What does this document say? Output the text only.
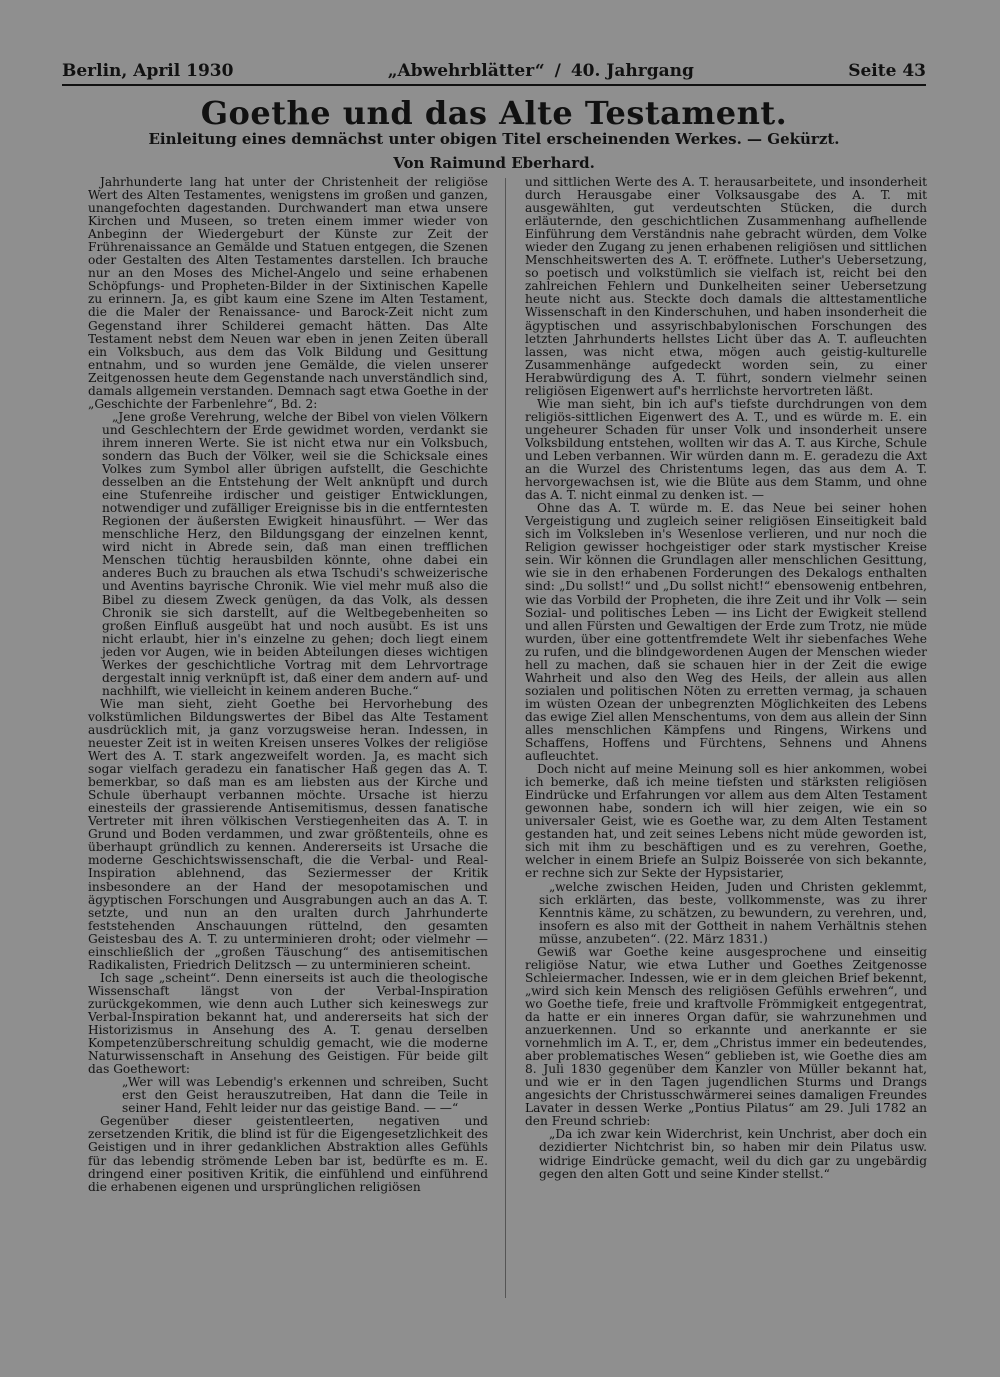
Berlin, April 1930	„Abwehrblätter“ / 40. Jahrgang	Seite 43
Goethe und das Alte Testament.
Einleitung eines demnächst unter obigen Titel erscheinenden Werkes. — Gekürzt.
Von Raimund Eberhard.

Jahrhunderte lang hat unter der Christenheit der religiöse Wert des Alten Testamentes, wenigstens im großen und ganzen, unangefochten dagestanden. Durchwandert man etwa unsere Kirchen und Museen, so treten einem immer wieder von Anbeginn der Wiedergeburt der Künste zur Zeit der Frührenaissance an Gemälde und Statuen entgegen, die Szenen oder Gestalten des Alten Testamentes darstellen. Ich brauche nur an den Moses des Michel-Angelo und seine erhabenen Schöpfungs- und Propheten-Bilder in der Sixtinischen Kapelle zu erinnern. Ja, es gibt kaum eine Szene im Alten Testament, die die Maler der Renaissance- und Barock-Zeit nicht zum Gegenstand ihrer Schilderei gemacht hätten. Das Alte Testament nebst dem Neuen war eben in jenen Zeiten überall ein Volksbuch, aus dem das Volk Bildung und Gesittung entnahm, und so wurden jene Gemälde, die vielen unserer Zeitgenossen heute dem Gegenstande nach unverständlich sind, damals allgemein verstanden. Demnach sagt etwa Goethe in der „Geschichte der Farbenlehre“, Bd. 2:

„Jene große Verehrung, welche der Bibel von vielen Völkern und Geschlechtern der Erde gewidmet worden, verdankt sie ihrem inneren Werte. Sie ist nicht etwa nur ein Volksbuch, sondern das Buch der Völker, weil sie die Schicksale eines Volkes zum Symbol aller übrigen aufstellt, die Geschichte desselben an die Entstehung der Welt anknüpft und durch eine Stufenreihe irdischer und geistiger Entwicklungen, notwendiger und zufälliger Ereignisse bis in die entferntesten Regionen der äußersten Ewigkeit hinausführt. — Wer das menschliche Herz, den Bildungsgang der einzelnen kennt, wird nicht in Abrede sein, daß man einen trefflichen Menschen tüchtig herausbilden könnte, ohne dabei ein anderes Buch zu brauchen als etwa Tschudi's schweizerische und Aventins bayrische Chronik. Wie viel mehr muß also die Bibel zu diesem Zweck genügen, da das Volk, als dessen Chronik sie sich darstellt, auf die Weltbegebenheiten so großen Einfluß ausgeübt hat und noch ausübt. Es ist uns nicht erlaubt, hier in's einzelne zu gehen; doch liegt einem jeden vor Augen, wie in beiden Abteilungen dieses wichtigen Werkes der geschichtliche Vortrag mit dem Lehrvortrage dergestalt innig verknüpft ist, daß einer dem andern auf- und nachhilft, wie vielleicht in keinem anderen Buche.“

Wie man sieht, zieht Goethe bei Hervorhebung des volkstümlichen Bildungswertes der Bibel das Alte Testament ausdrücklich mit, ja ganz vorzugsweise heran. Indessen, in neuester Zeit ist in weiten Kreisen unseres Volkes der religiöse Wert des A. T. stark angezweifelt worden. Ja, es macht sich sogar vielfach geradezu ein fanatischer Haß gegen das A. T. bemerkbar, so daß man es am liebsten aus der Kirche und Schule überhaupt verbannen möchte. Ursache ist hierzu einesteils der grassierende Antisemitismus, dessen fanatische Vertreter mit ihren völkischen Verstiegenheiten das A. T. in Grund und Boden verdammen, und zwar größtenteils, ohne es überhaupt gründlich zu kennen. Andererseits ist Ursache die moderne Geschichtswissenschaft, die die Verbal- und Real-Inspiration ablehnend, das Seziermesser der Kritik insbesondere an der Hand der mesopotamischen und ägyptischen Forschungen und Ausgrabungen auch an das A. T. setzte, und nun an den uralten durch Jahrhunderte feststehenden Anschauungen rüttelnd, den gesamten Geistesbau des A. T. zu unterminieren droht; oder vielmehr — einschließlich der „großen Täuschung“ des antisemitischen Radikalisten, Friedrich Delitzsch — zu unterminieren scheint.

Ich sage „scheint“. Denn einerseits ist auch die theologische Wissenschaft längst von der Verbal-Inspiration zurückgekommen, wie denn auch Luther sich keineswegs zur Verbal-Inspiration bekannt hat, und andererseits hat sich der Historizismus in Ansehung des A. T. genau derselben Kompetenzüberschreitung schuldig gemacht, wie die moderne Naturwissenschaft in Ansehung des Geistigen. Für beide gilt das Goethewort:

„Wer will was Lebendig's erkennen und schreiben, Sucht erst den Geist herauszutreiben, Hat dann die Teile in seiner Hand, Fehlt leider nur das geistige Band. — —“

Gegenüber dieser geistentleerten, negativen und zersetzenden Kritik, die blind ist für die Eigengesetzlichkeit des Geistigen und in ihrer gedanklichen Abstraktion alles Gefühls für das lebendig strömende Leben bar ist, bedürfte es m. E. dringend einer positiven Kritik, die einfühlend und einführend die erhabenen eigenen und ursprünglichen religiösen

und sittlichen Werte des A. T. herausarbeitete, und insonderheit durch Herausgabe einer Volksausgabe des A. T. mit ausgewählten, gut verdeutschten Stücken, die durch erläuternde, den geschichtlichen Zusammenhang aufhellende Einführung dem Verständnis nahe gebracht würden, dem Volke wieder den Zugang zu jenen erhabenen religiösen und sittlichen Menschheitswerten des A. T. eröffnete. Luther's Uebersetzung, so poetisch und volkstümlich sie vielfach ist, reicht bei den zahlreichen Fehlern und Dunkelheiten seiner Uebersetzung heute nicht aus. Steckte doch damals die alttestamentliche Wissenschaft in den Kinderschuhen, und haben insonderheit die ägyptischen und assyrischbabylonischen Forschungen des letzten Jahrhunderts hellstes Licht über das A. T. aufleuchten lassen, was nicht etwa, mögen auch geistig-kulturelle Zusammenhänge aufgedeckt worden sein, zu einer Herabwürdigung des A. T. führt, sondern vielmehr seinen religiösen Eigenwert auf's herrlichste hervortreten läßt.

Wie man sieht, bin ich auf's tiefste durchdrungen von dem religiös-sittlichen Eigenwert des A. T., und es würde m. E. ein ungeheurer Schaden für unser Volk und insonderheit unsere Volksbildung entstehen, wollten wir das A. T. aus Kirche, Schule und Leben verbannen. Wir würden dann m. E. geradezu die Axt an die Wurzel des Christentums legen, das aus dem A. T. hervorgewachsen ist, wie die Blüte aus dem Stamm, und ohne das A. T. nicht einmal zu denken ist. —

Ohne das A. T. würde m. E. das Neue bei seiner hohen Vergeistigung und zugleich seiner religiösen Einseitigkeit bald sich im Volksleben in's Wesenlose verlieren, und nur noch die Religion gewisser hochgeistiger oder stark mystischer Kreise sein. Wir können die Grundlagen aller menschlichen Gesittung, wie sie in den erhabenen Forderungen des Dekalogs enthalten sind: „Du sollst!“ und „Du sollst nicht!“ ebensowenig entbehren, wie das Vorbild der Propheten, die ihre Zeit und ihr Volk — sein Sozial- und politisches Leben — ins Licht der Ewigkeit stellend und allen Fürsten und Gewaltigen der Erde zum Trotz, nie müde wurden, über eine gottentfremdete Welt ihr siebenfaches Wehe zu rufen, und die blindgewordenen Augen der Menschen wieder hell zu machen, daß sie schauen hier in der Zeit die ewige Wahrheit und also den Weg des Heils, der allein aus allen sozialen und politischen Nöten zu erretten vermag, ja schauen im wüsten Ozean der unbegrenzten Möglichkeiten des Lebens das ewige Ziel allen Menschentums, von dem aus allein der Sinn alles menschlichen Kämpfens und Ringens, Wirkens und Schaffens, Hoffens und Fürchtens, Sehnens und Ahnens aufleuchtet.

Doch nicht auf meine Meinung soll es hier ankommen, wobei ich bemerke, daß ich meine tiefsten und stärksten religiösen Eindrücke und Erfahrungen vor allem aus dem Alten Testament gewonnen habe, sondern ich will hier zeigen, wie ein so universaler Geist, wie es Goethe war, zu dem Alten Testament gestanden hat, und zeit seines Lebens nicht müde geworden ist, sich mit ihm zu beschäftigen und es zu verehren, Goethe, welcher in einem Briefe an Sulpiz Boisserée von sich bekannte, er rechne sich zur Sekte der Hypsistarier,

„welche zwischen Heiden, Juden und Christen geklemmt, sich erklärten, das beste, vollkommenste, was zu ihrer Kenntnis käme, zu schätzen, zu bewundern, zu verehren, und, insofern es also mit der Gottheit in nahem Verhältnis stehen müsse, anzubeten“. (22. März 1831.)

Gewiß war Goethe keine ausgesprochene und einseitig religiöse Natur, wie etwa Luther und Goethes Zeitgenosse Schleiermacher. Indessen, wie er in dem gleichen Brief bekennt, „wird sich kein Mensch des religiösen Gefühls erwehren“, und wo Goethe tiefe, freie und kraftvolle Frömmigkeit entgegentrat, da hatte er ein inneres Organ dafür, sie wahrzunehmen und anzuerkennen. Und so erkannte und anerkannte er sie vornehmlich im A. T., er, dem „Christus immer ein bedeutendes, aber problematisches Wesen“ geblieben ist, wie Goethe dies am 8. Juli 1830 gegenüber dem Kanzler von Müller bekannt hat, und wie er in den Tagen jugendlichen Sturms und Drangs angesichts der Christusschwärmerei seines damaligen Freundes Lavater in dessen Werke „Pontius Pilatus“ am 29. Juli 1782 an den Freund schrieb:

„Da ich zwar kein Widerchrist, kein Unchrist, aber doch ein dezidierter Nichtchrist bin, so haben mir dein Pilatus usw. widrige Eindrücke gemacht, weil du dich gar zu ungebärdig gegen den alten Gott und seine Kinder stellst.“
